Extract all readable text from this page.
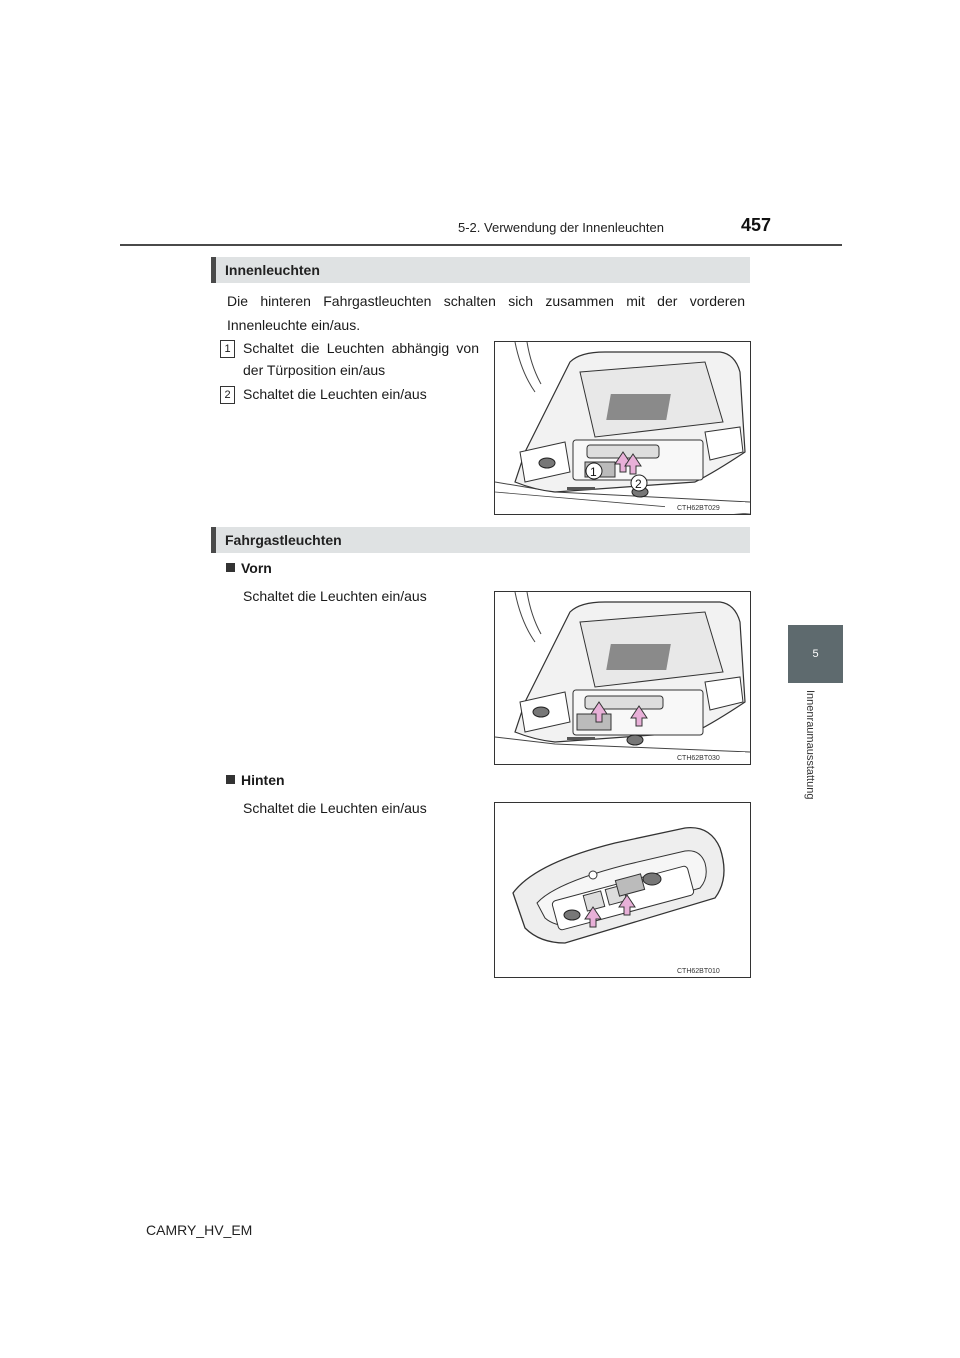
5-2. Verwendung der Innenleuchten	457
5
Innenraumausstattung
Innenleuchten
Die hinteren Fahrgastleuchten schalten sich zusammen mit der vorderen Innenleuchte ein/aus.
1 Schaltet die Leuchten abhängig von der Türposition ein/aus
2 Schaltet die Leuchten ein/aus
1
2
CTH62BT029
Fahrgastleuchten
Vorn
Schaltet die Leuchten ein/aus
CTH62BT030
Hinten
Schaltet die Leuchten ein/aus
CTH62BT010
CAMRY_HV_EM
